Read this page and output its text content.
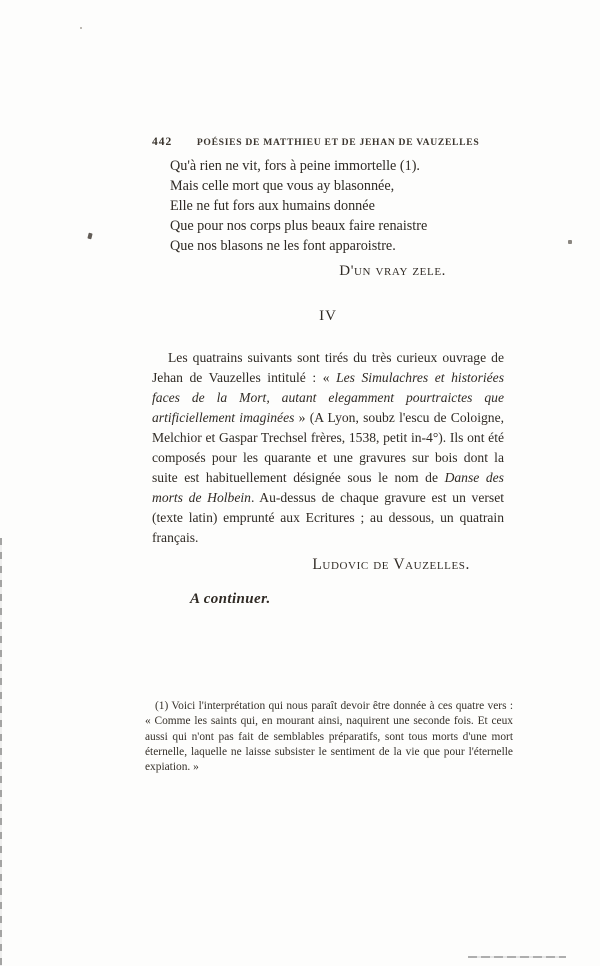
442	POÉSIES DE MATTHIEU ET DE JEHAN DE VAUZELLES
Qu'à rien ne vit, fors à peine immortelle (1).
Mais celle mort que vous ay blasonnée,
Elle ne fut fors aux humains donnée
Que pour nos corps plus beaux faire renaistre
Que nos blasons ne les font apparoistre.
D'un vray zele.
IV
Les quatrains suivants sont tirés du très curieux ouvrage de Jehan de Vauzelles intitulé : « Les Simulachres et historiées faces de la Mort, autant elegamment pourtraictes que artificiellement imaginées » (A Lyon, soubz l'escu de Coloigne, Melchior et Gaspar Trechsel frères, 1538, petit in-4°). Ils ont été composés pour les quarante et une gravures sur bois dont la suite est habituellement désignée sous le nom de Danse des morts de Holbein. Au-dessus de chaque gravure est un verset (texte latin) emprunté aux Ecritures ; au dessous, un quatrain français.
Ludovic de Vauzelles.
A continuer.
(1) Voici l'interprétation qui nous paraît devoir être donnée à ces quatre vers : « Comme les saints qui, en mourant ainsi, naquirent une seconde fois. Et ceux aussi qui n'ont pas fait de semblables préparatifs, sont tous morts d'une mort éternelle, laquelle ne laisse subsister le sentiment de la vie que pour l'éternelle expiation. »
